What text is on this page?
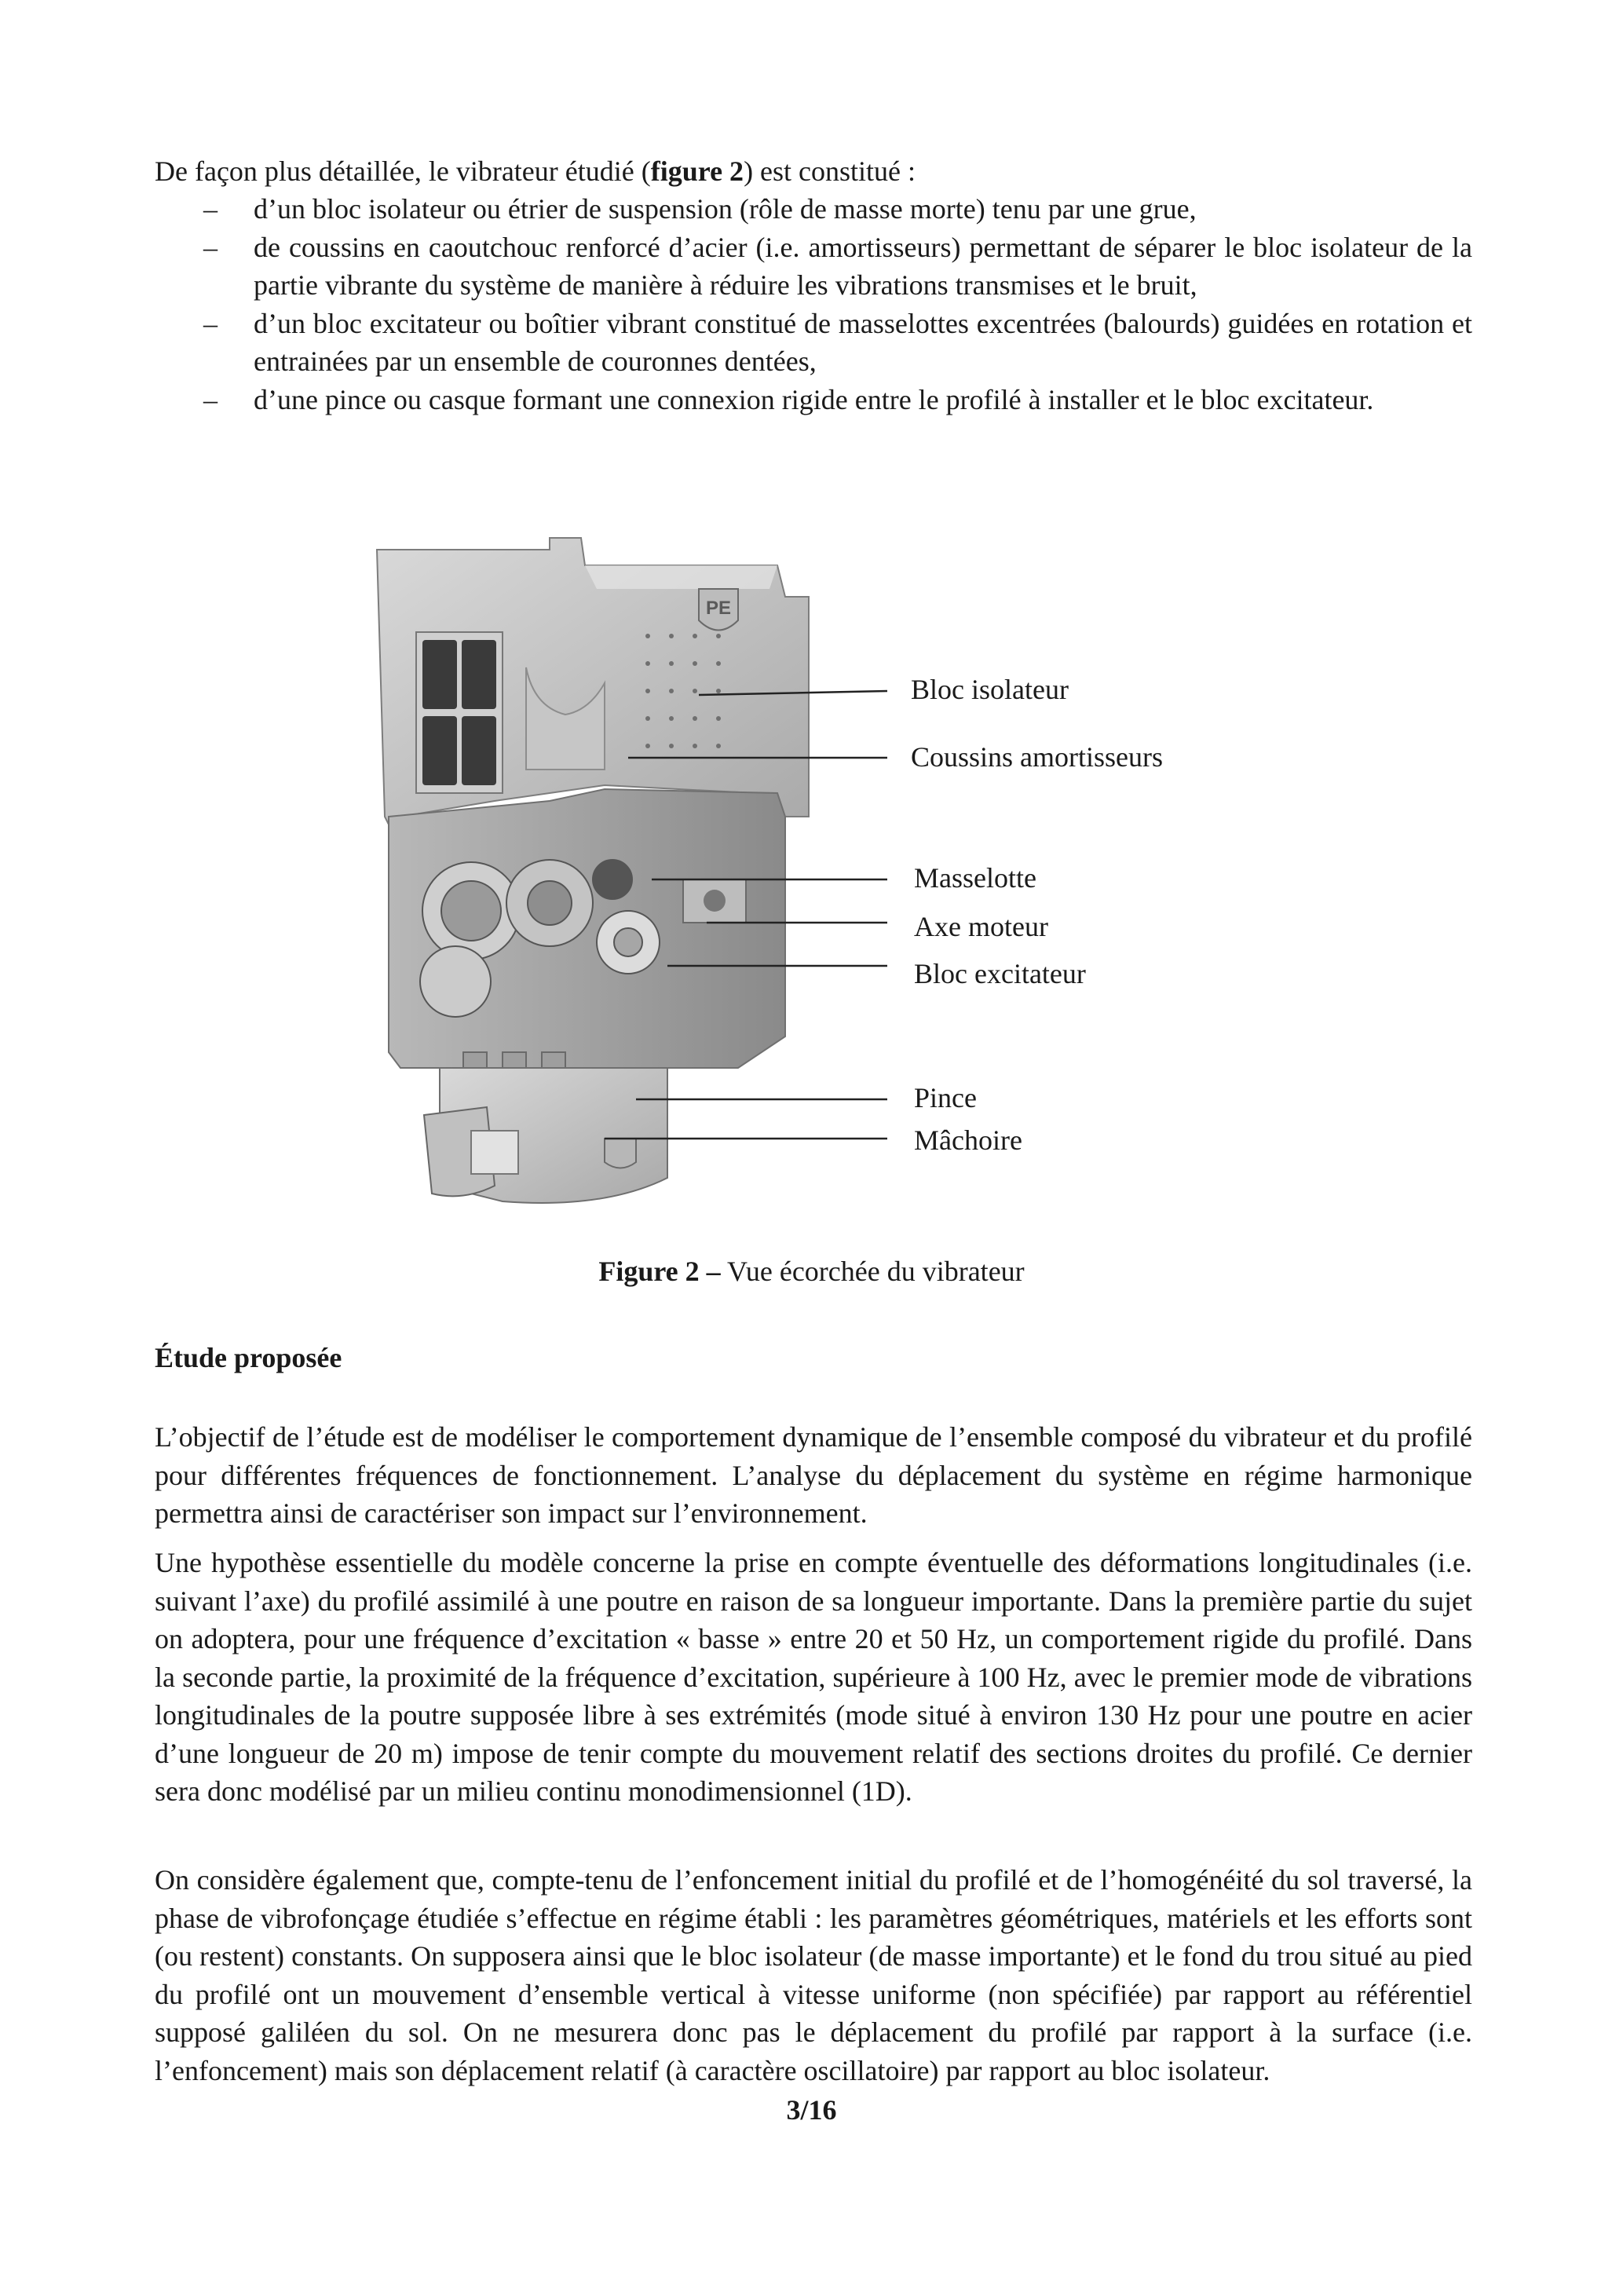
De façon plus détaillée, le vibrateur étudié (figure 2) est constitué :

– d’un bloc isolateur ou étrier de suspension (rôle de masse morte) tenu par une grue,
– de coussins en caoutchouc renforcé d’acier (i.e. amortisseurs) permettant de séparer le bloc isolateur de la partie vibrante du système de manière à réduire les vibrations transmises et le bruit,
– d’un bloc excitateur ou boîtier vibrant constitué de masselottes excentrées (balourds) guidées en rotation et entrainées par un ensemble de couronnes dentées,
– d’une pince ou casque formant une connexion rigide entre le profilé à installer et le bloc excitateur.
PE
Bloc isolateur
Coussins amortisseurs
Masselotte
Axe moteur
Bloc excitateur
Pince
Mâchoire
Figure 2 – Vue écorchée du vibrateur
Étude proposée

L’objectif de l’étude est de modéliser le comportement dynamique de l’ensemble composé du vibrateur et du profilé pour différentes fréquences de fonctionnement. L’analyse du déplacement du système en régime harmonique permettra ainsi de caractériser son impact sur l’environnement.

Une hypothèse essentielle du modèle concerne la prise en compte éventuelle des déformations longitudinales (i.e. suivant l’axe) du profilé assimilé à une poutre en raison de sa longueur importante. Dans la première partie du sujet on adoptera, pour une fréquence d’excitation « basse » entre 20 et 50 Hz, un comportement rigide du profilé. Dans la seconde partie, la proximité de la fréquence d’excitation, supérieure à 100 Hz, avec le premier mode de vibrations longitudinales de la poutre supposée libre à ses extrémités (mode situé à environ 130 Hz pour une poutre en acier d’une longueur de 20 m) impose de tenir compte du mouvement relatif des sections droites du profilé. Ce dernier sera donc modélisé par un milieu continu monodimensionnel (1D).

On considère également que, compte-tenu de l’enfoncement initial du profilé et de l’homogénéité du sol traversé, la phase de vibrofonçage étudiée s’effectue en régime établi : les paramètres géométriques, matériels et les efforts sont (ou restent) constants. On supposera ainsi que le bloc isolateur (de masse importante) et le fond du trou situé au pied du profilé ont un mouvement d’ensemble vertical à vitesse uniforme (non spécifiée) par rapport au référentiel supposé galiléen du sol. On ne mesurera donc pas le déplacement du profilé par rapport à la surface (i.e. l’enfoncement) mais son déplacement relatif (à caractère oscillatoire) par rapport au bloc isolateur.

3/16
